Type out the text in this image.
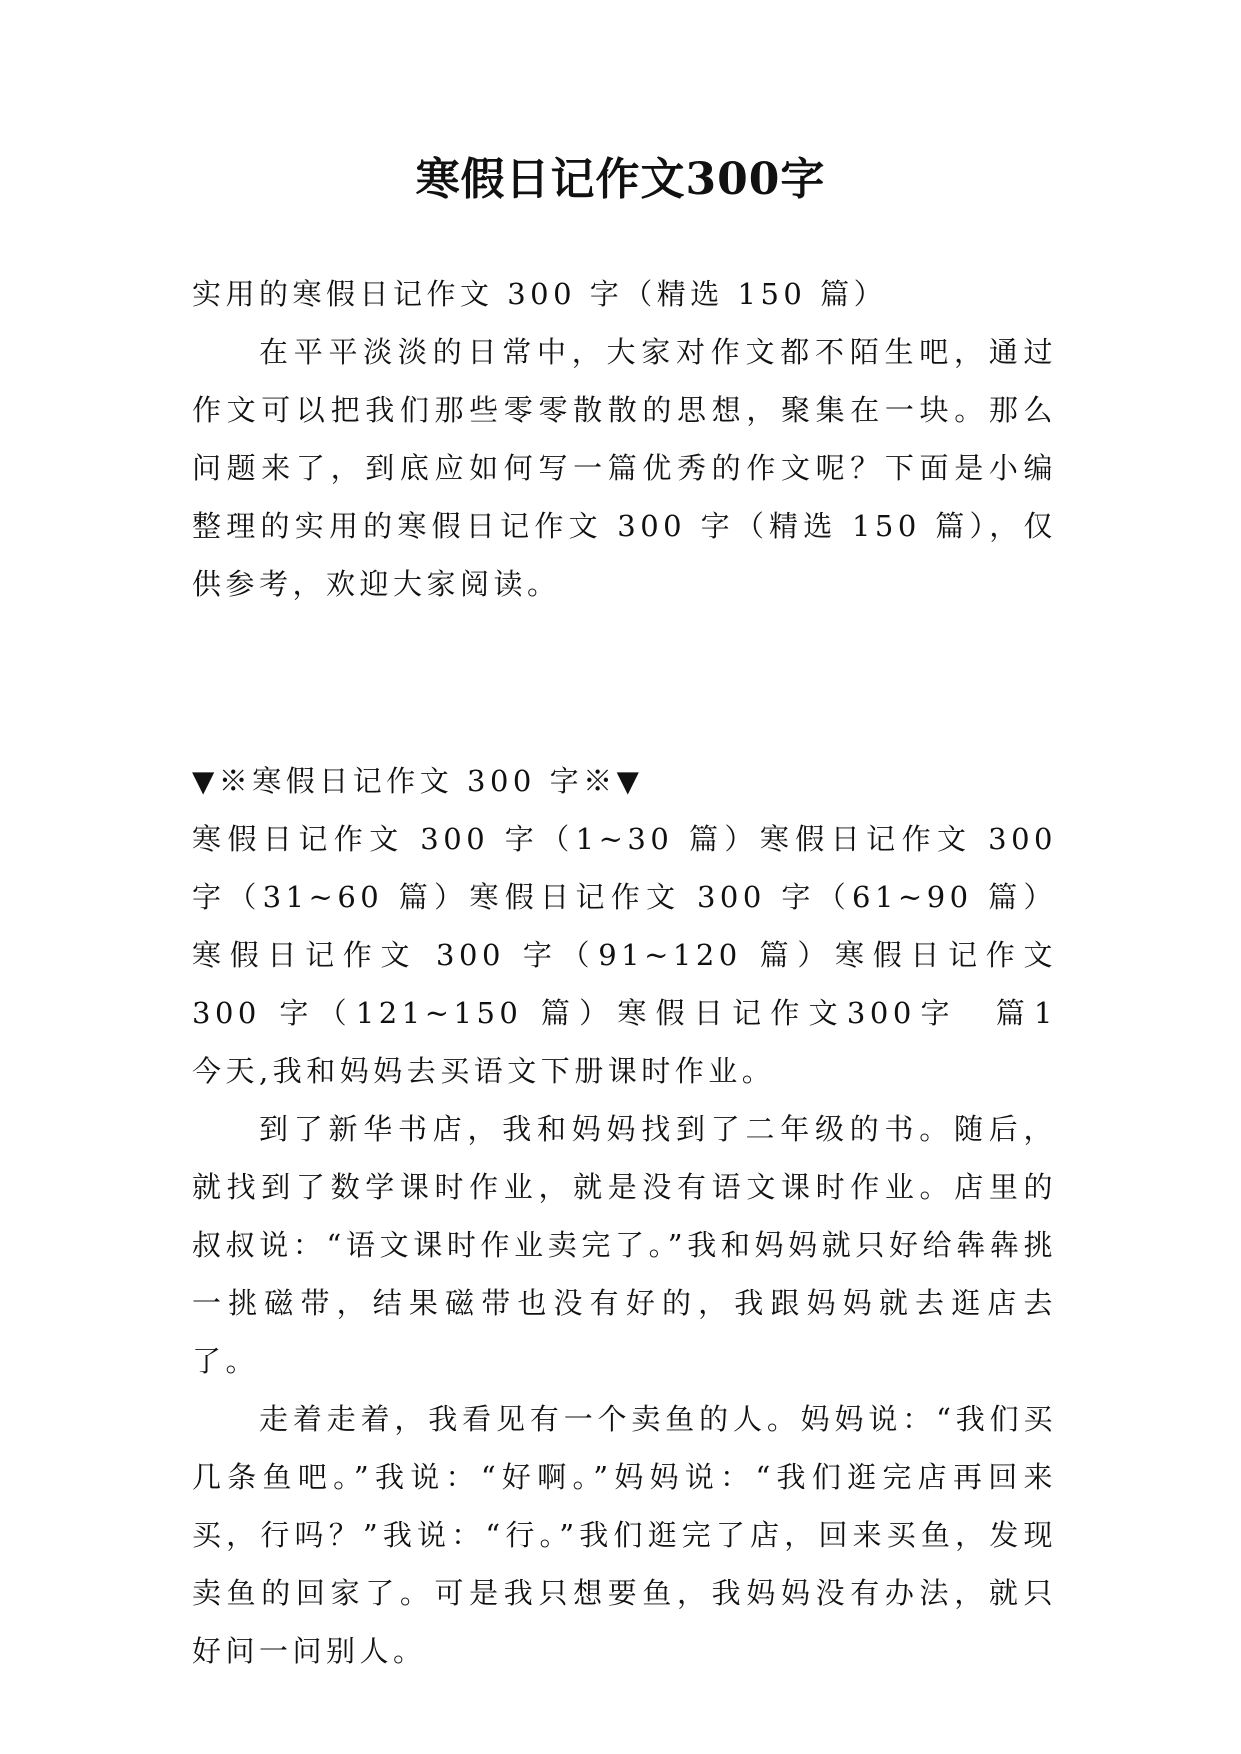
寒假日记作文300字

实用的寒假日记作文 300 字（精选 150 篇）

在平平淡淡的日常中，大家对作文都不陌生吧，通过作文可以把我们那些零零散散的思想，聚集在一块。那么问题来了，到底应如何写一篇优秀的作文呢？下面是小编整理的实用的寒假日记作文 300 字（精选 150 篇），仅供参考，欢迎大家阅读。

▼※寒假日记作文 300 字※▼

寒假日记作文 300 字（1~30 篇）寒假日记作文 300 字（31~60 篇）寒假日记作文 300 字（61~90 篇）寒假日记作文 300 字（91~120 篇）寒假日记作文 300 字（121~150 篇）寒假日记作文300字  篇1      今天,我和妈妈去买语文下册课时作业。

到了新华书店，我和妈妈找到了二年级的书。随后，就找到了数学课时作业，就是没有语文课时作业。店里的叔叔说：“语文课时作业卖完了。”我和妈妈就只好给犇犇挑一挑磁带，结果磁带也没有好的，我跟妈妈就去逛店去了。

走着走着，我看见有一个卖鱼的人。妈妈说：“我们买几条鱼吧。”我说：“好啊。”妈妈说：“我们逛完店再回来买，行吗？”我说：“行。”我们逛完了店，回来买鱼，发现卖鱼的回家了。可是我只想要鱼，我妈妈没有办法，就只好问一问别人。
